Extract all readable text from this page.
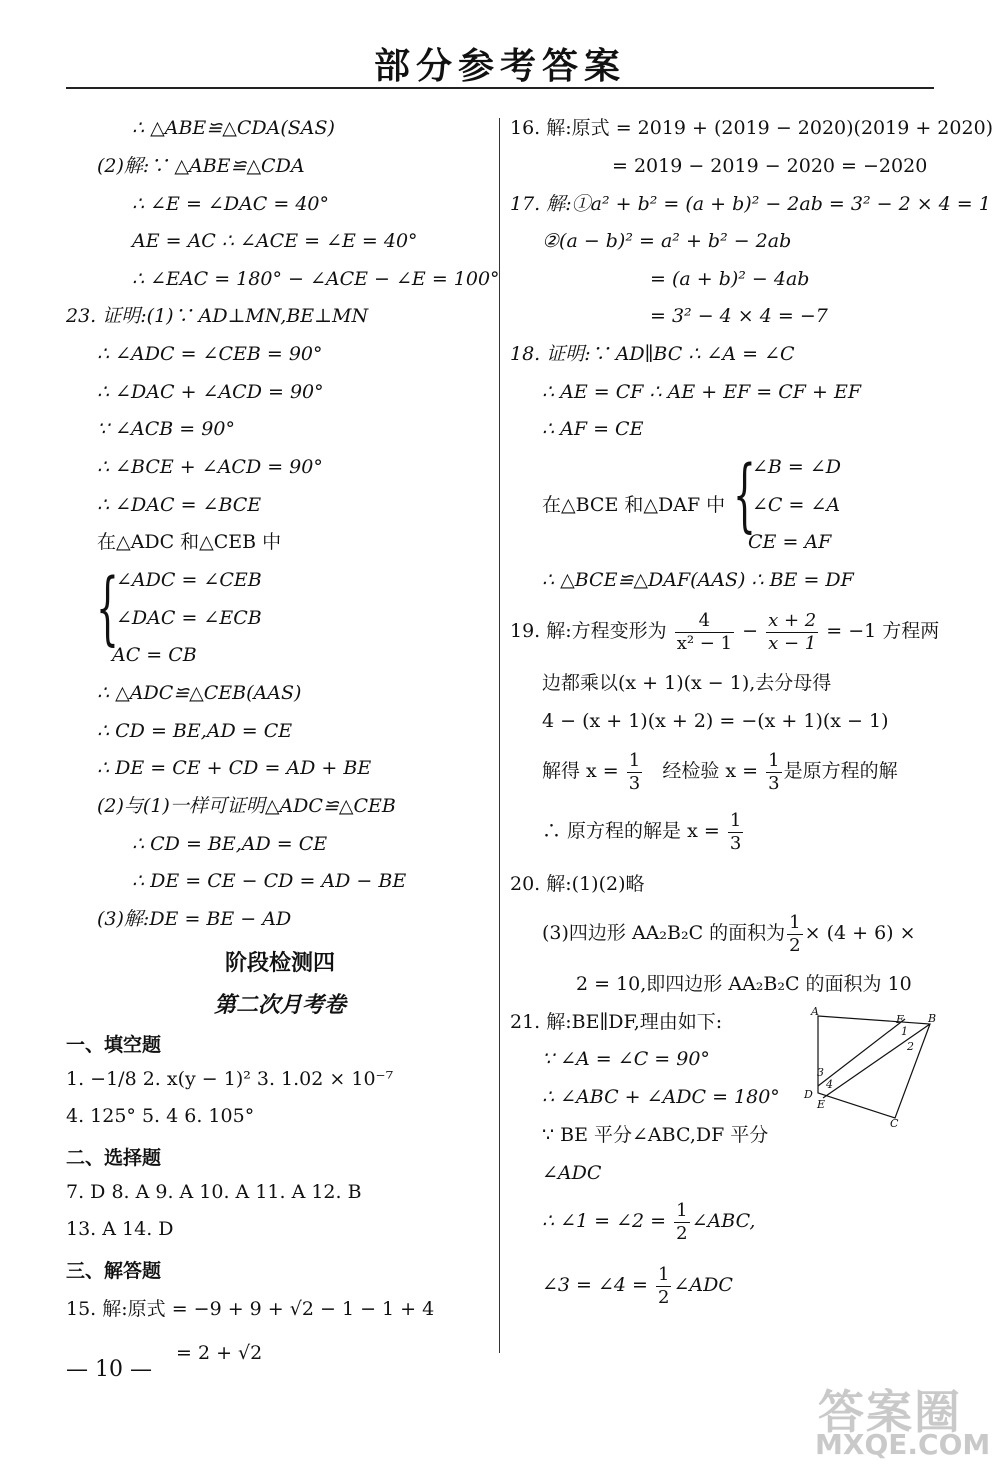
部分参考答案
∴ △ABE≌△CDA(SAS)
(2)解:∵ △ABE≌△CDA
∴ ∠E = ∠DAC = 40°
AE = AC ∴ ∠ACE = ∠E = 40°
∴ ∠EAC = 180° − ∠ACE − ∠E = 100°
23. 证明:(1)∵ AD⊥MN,BE⊥MN
∴ ∠ADC = ∠CEB = 90°
∴ ∠DAC + ∠ACD = 90°
∵ ∠ACB = 90°
∴ ∠BCE + ∠ACD = 90°
∴ ∠DAC = ∠BCE
在△ADC 和△CEB 中
{
∠ADC = ∠CEB
∠DAC = ∠ECB
AC = CB
∴ △ADC≌△CEB(AAS)
∴ CD = BE,AD = CE
∴ DE = CE + CD = AD + BE
(2)与(1)一样可证明△ADC≌△CEB
∴ CD = BE,AD = CE
∴ DE = CE − CD = AD − BE
(3)解:DE = BE − AD
阶段检测四
第二次月考卷
一、填空题
1. −1/8 2. x(y − 1)² 3. 1.02 × 10⁻⁷
4. 125° 5. 4 6. 105°
二、选择题
7. D 8. A 9. A 10. A 11. A 12. B
13. A 14. D
三、解答题
15. 解:原式 = −9 + 9 + √2 − 1 − 1 + 4
= 2 + √2
16. 解:原式 = 2019 + (2019 − 2020)(2019 + 2020)
= 2019 − 2019 − 2020 = −2020
17. 解:①a² + b² = (a + b)² − 2ab = 3² − 2 × 4 = 1
②(a − b)² = a² + b² − 2ab
= (a + b)² − 4ab
= 3² − 4 × 4 = −7
18. 证明:∵ AD∥BC ∴ ∠A = ∠C
∴ AE = CF ∴ AE + EF = CF + EF
∴ AF = CE
在△BCE 和△DAF 中 {
∠B = ∠D
∠C = ∠A
CE = AF
∴ △BCE≌△DAF(AAS) ∴ BE = DF
19. 解:方程变形为 $\frac{4}{\text{x² − 1}} - \frac{x + 2}{x - 1} = -1$ 方程两
边都乘以(x + 1)(x − 1),去分母得
4 − (x + 1)(x + 2) = −(x + 1)(x − 1)
解得 $x = \frac{1}{3}$ 经检验 $x = \frac{1}{3}$ 是原方程的解
∴ 原方程的解是 $x = \frac{1}{3}$
20. 解:(1)(2)略
(3)四边形 AA₂B₂C 的面积为 $\frac{1}{2} \times (4 + 6)$ ×
2 = 10,即四边形 AA₂B₂C 的面积为 10
21. 解:BE∥DF,理由如下:
∵ ∠A = ∠C = 90°
∴ ∠ABC + ∠ADC = 180°
∵ BE 平分∠ABC,DF 平分
∠ADC
∴ ∠1 = ∠2 = $\frac{1}{2}$ ∠ABC,
∠3 = ∠4 = $\frac{1}{2}$ ∠ADC
A
F B
D
E
C
1
2
3
4
— 10 —
答案圈
MXQE.COM
